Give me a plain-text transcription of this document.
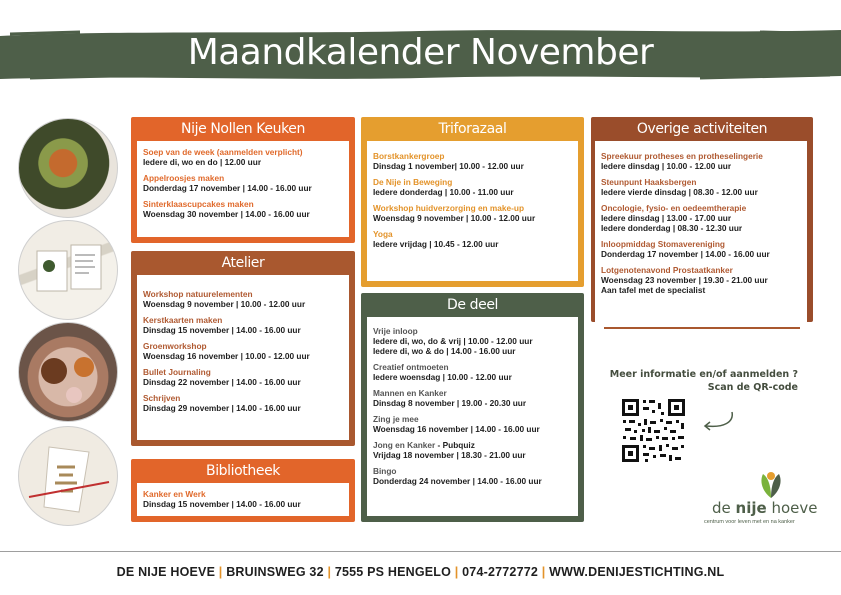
Maandkalender November
Nije Nollen Keuken
Soep van de week (aanmelden verplicht)
Iedere di, wo en do | 12.00 uur
Appelroosjes maken
Donderdag 17 november | 14.00 - 16.00 uur
Sinterklaascupcakes maken
Woensdag 30 november | 14.00 - 16.00 uur
Atelier
Workshop natuurelementen
Woensdag 9 november | 10.00 - 12.00 uur
Kerstkaarten maken
Dinsdag 15 november | 14.00 - 16.00 uur
Groenworkshop
Woensdag 16 november | 10.00 - 12.00 uur
Bullet Journaling
Dinsdag 22 november | 14.00 - 16.00 uur
Schrijven
Dinsdag 29 november | 14.00 - 16.00 uur
Bibliotheek
Kanker en Werk
Dinsdag 15 november | 14.00 - 16.00 uur
Triforazaal
Borstkankergroep
Dinsdag 1 november| 10.00 - 12.00 uur
De Nije in Beweging
Iedere donderdag | 10.00 - 11.00 uur
Workshop huidverzorging en make-up
Woensdag 9 november | 10.00 - 12.00 uur
Yoga
Iedere vrijdag | 10.45 - 12.00 uur
De deel
Vrije inloop
Iedere di, wo, do & vrij | 10.00 - 12.00 uur
Iedere di, wo & do | 14.00 - 16.00 uur
Creatief ontmoeten
Iedere woensdag | 10.00 - 12.00 uur
Mannen en Kanker
Dinsdag 8 november | 19.00 - 20.30 uur
Zing je mee
Woensdag 16 november | 14.00 - 16.00 uur
Jong en Kanker - Pubquiz
Vrijdag 18 november | 18.30 - 21.00 uur
Bingo
Donderdag 24 november | 14.00 - 16.00 uur
Overige activiteiten
Spreekuur protheses en protheselingerie
Iedere dinsdag | 10.00 - 12.00 uur
Steunpunt Haaksbergen
Iedere vierde dinsdag | 08.30 - 12.00 uur
Oncologie, fysio- en oedeemtherapie
Iedere dinsdag | 13.00 - 17.00 uur
Iedere donderdag | 08.30 - 12.30 uur
Inloopmiddag Stomavereniging
Donderdag 17 november | 14.00 - 16.00 uur
Lotgenotenavond Prostaatkanker
Woensdag 23 november | 19.30 - 21.00 uur
Aan tafel met de specialist
Meer informatie en/of aanmelden ?
Scan de QR-code
de nije hoeve
centrum voor leven met en na kanker
DE NIJE HOEVE | BRUINSWEG 32 | 7555 PS HENGELO | 074-2772772 | WWW.DENIJESTICHTING.NL
